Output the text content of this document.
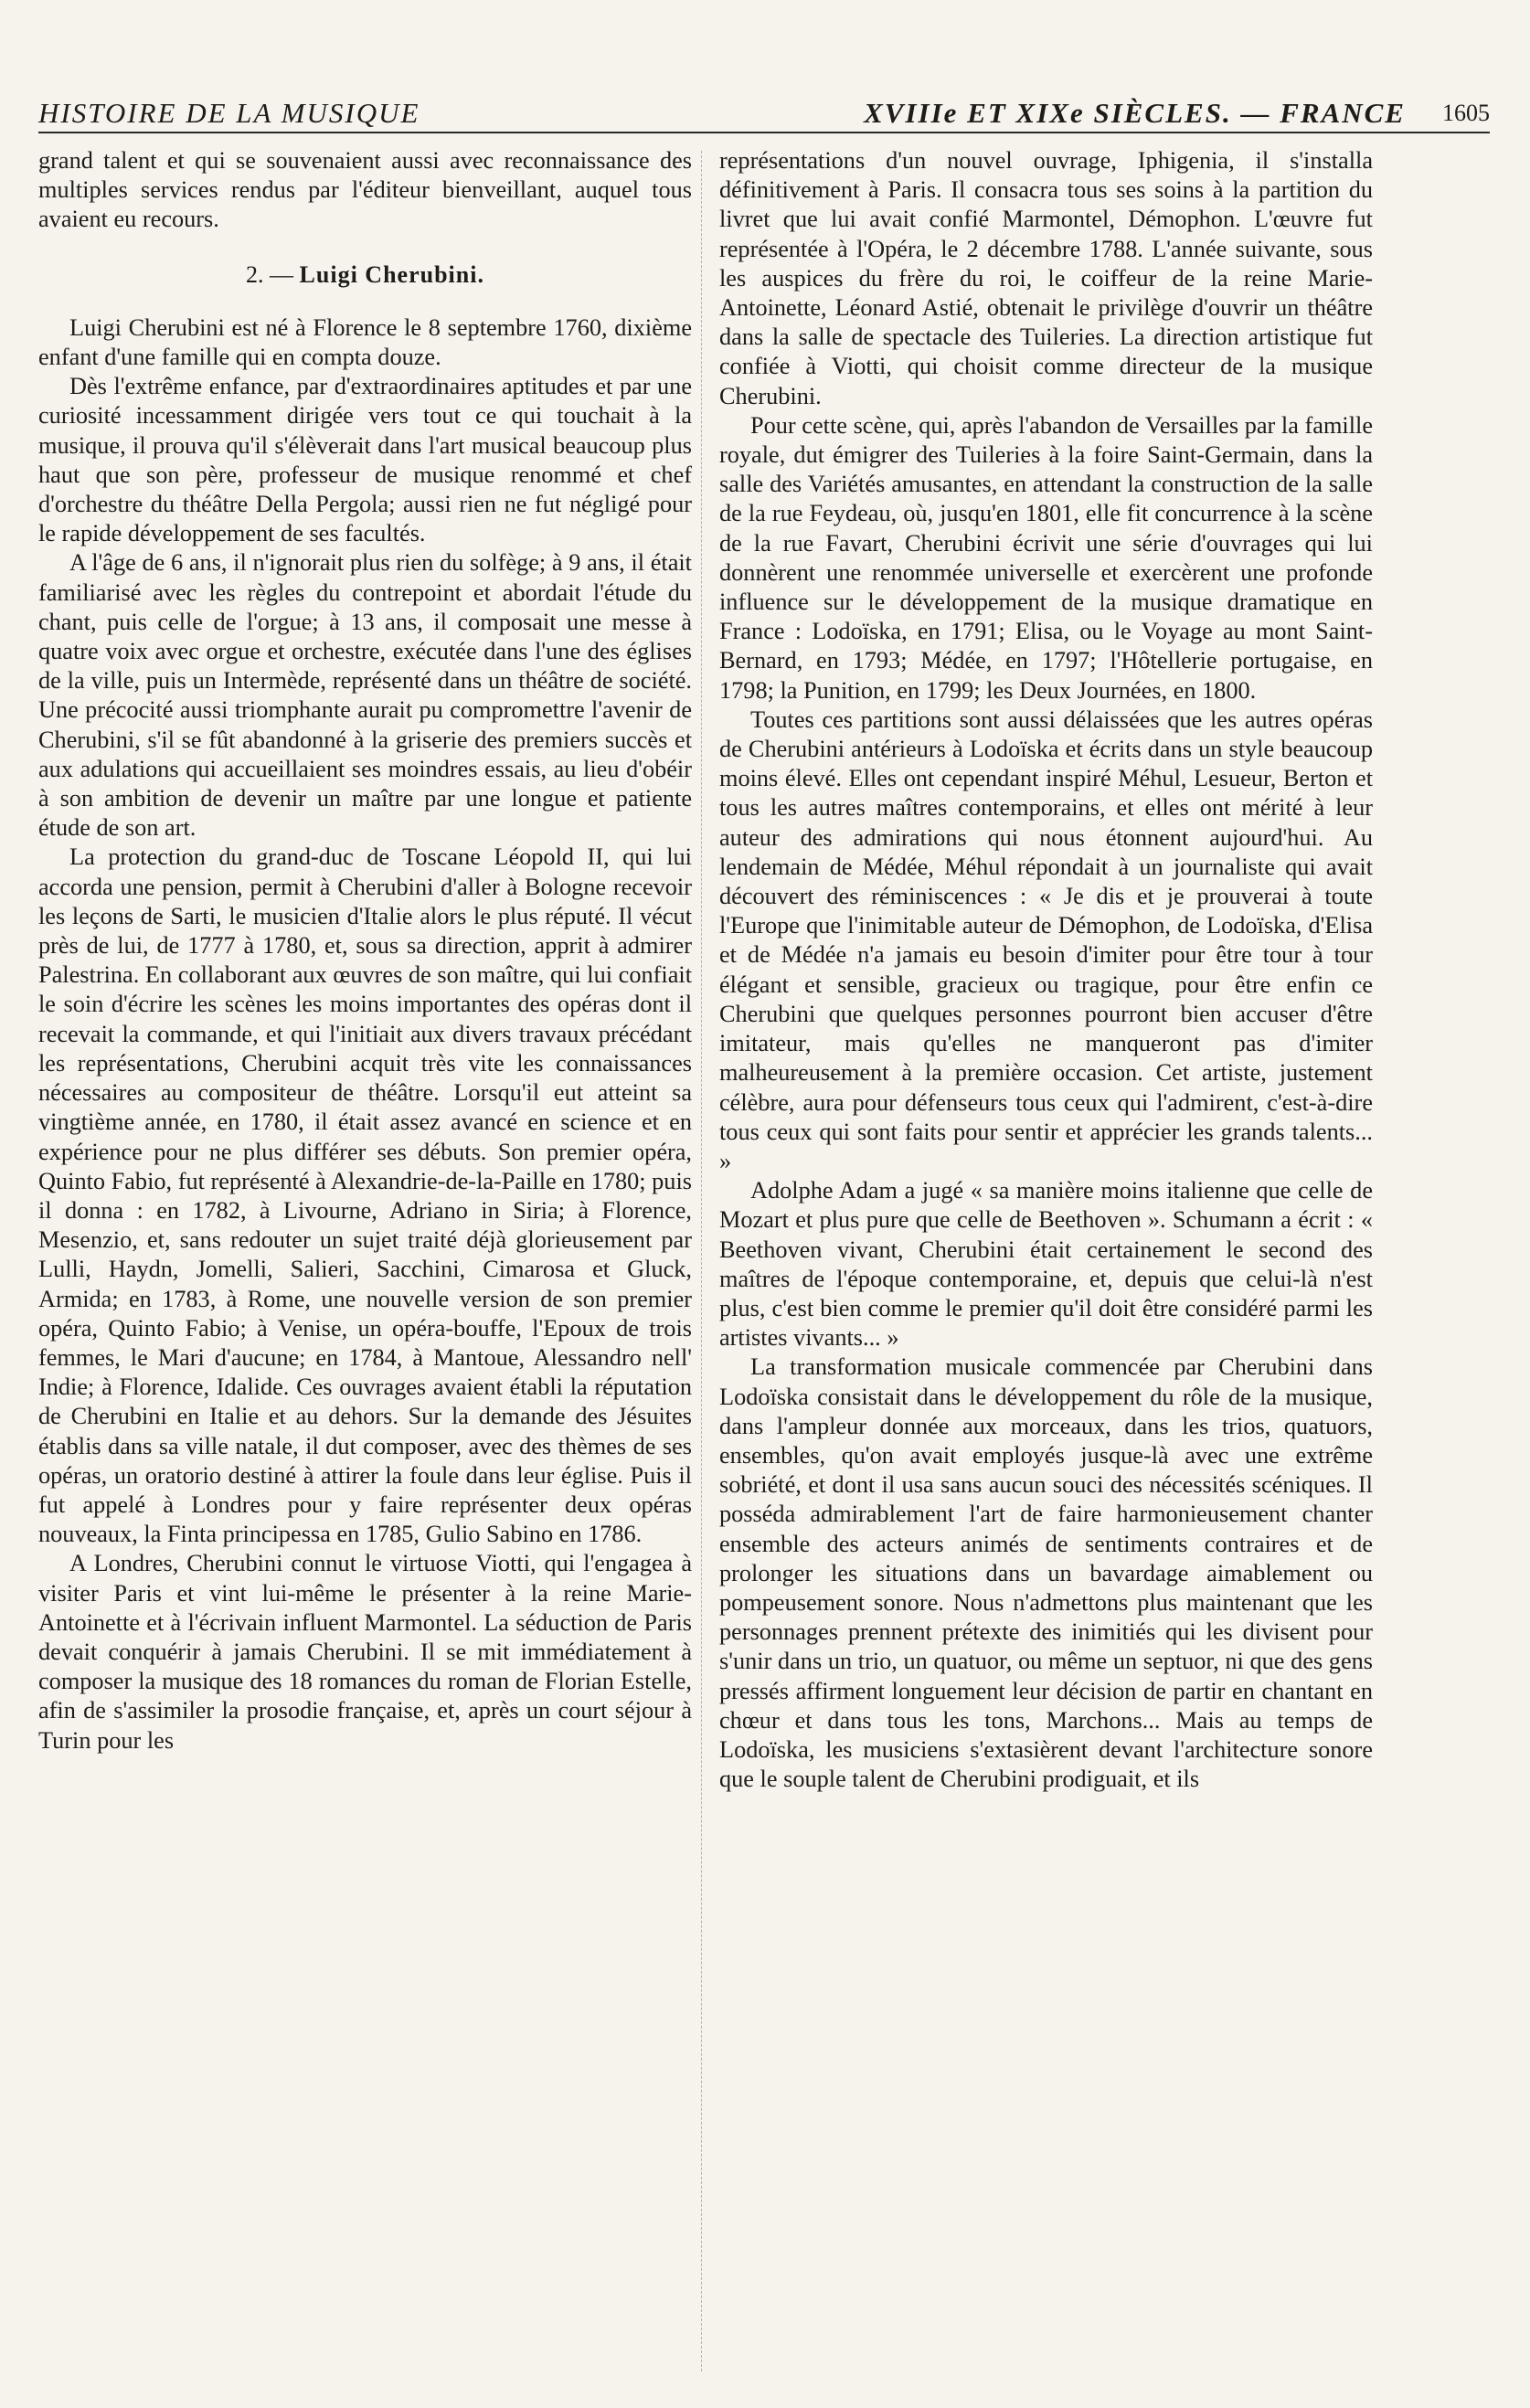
HISTOIRE DE LA MUSIQUE	XVIIIe ET XIXe SIÈCLES. — FRANCE	1605

grand talent et qui se souvenaient aussi avec reconnaissance des multiples services rendus par l'éditeur bienveillant, auquel tous avaient eu recours.

2. — Luigi Cherubini.

Luigi Cherubini est né à Florence le 8 septembre 1760, dixième enfant d'une famille qui en compta douze.

Dès l'extrême enfance, par d'extraordinaires aptitudes et par une curiosité incessamment dirigée vers tout ce qui touchait à la musique, il prouva qu'il s'élèverait dans l'art musical beaucoup plus haut que son père, professeur de musique renommé et chef d'orchestre du théâtre Della Pergola; aussi rien ne fut négligé pour le rapide développement de ses facultés.

A l'âge de 6 ans, il n'ignorait plus rien du solfège; à 9 ans, il était familiarisé avec les règles du contrepoint et abordait l'étude du chant, puis celle de l'orgue; à 13 ans, il composait une messe à quatre voix avec orgue et orchestre, exécutée dans l'une des églises de la ville, puis un Intermède, représenté dans un théâtre de société. Une précocité aussi triomphante aurait pu compromettre l'avenir de Cherubini, s'il se fût abandonné à la griserie des premiers succès et aux adulations qui accueillaient ses moindres essais, au lieu d'obéir à son ambition de devenir un maître par une longue et patiente étude de son art.

La protection du grand-duc de Toscane Léopold II, qui lui accorda une pension, permit à Cherubini d'aller à Bologne recevoir les leçons de Sarti, le musicien d'Italie alors le plus réputé. Il vécut près de lui, de 1777 à 1780, et, sous sa direction, apprit à admirer Palestrina. En collaborant aux œuvres de son maître, qui lui confiait le soin d'écrire les scènes les moins importantes des opéras dont il recevait la commande, et qui l'initiait aux divers travaux précédant les représentations, Cherubini acquit très vite les connaissances nécessaires au compositeur de théâtre. Lorsqu'il eut atteint sa vingtième année, en 1780, il était assez avancé en science et en expérience pour ne plus différer ses débuts. Son premier opéra, Quinto Fabio, fut représenté à Alexandrie-de-la-Paille en 1780; puis il donna : en 1782, à Livourne, Adriano in Siria; à Florence, Mesenzio, et, sans redouter un sujet traité déjà glorieusement par Lulli, Haydn, Jomelli, Salieri, Sacchini, Cimarosa et Gluck, Armida; en 1783, à Rome, une nouvelle version de son premier opéra, Quinto Fabio; à Venise, un opéra-bouffe, l'Epoux de trois femmes, le Mari d'aucune; en 1784, à Mantoue, Alessandro nell' Indie; à Florence, Idalide. Ces ouvrages avaient établi la réputation de Cherubini en Italie et au dehors. Sur la demande des Jésuites établis dans sa ville natale, il dut composer, avec des thèmes de ses opéras, un oratorio destiné à attirer la foule dans leur église. Puis il fut appelé à Londres pour y faire représenter deux opéras nouveaux, la Finta principessa en 1785, Gulio Sabino en 1786.

A Londres, Cherubini connut le virtuose Viotti, qui l'engagea à visiter Paris et vint lui-même le présenter à la reine Marie-Antoinette et à l'écrivain influent Marmontel. La séduction de Paris devait conquérir à jamais Cherubini. Il se mit immédiatement à composer la musique des 18 romances du roman de Florian Estelle, afin de s'assimiler la prosodie française, et, après un court séjour à Turin pour les

représentations d'un nouvel ouvrage, Iphigenia, il s'installa définitivement à Paris. Il consacra tous ses soins à la partition du livret que lui avait confié Marmontel, Démophon. L'œuvre fut représentée à l'Opéra, le 2 décembre 1788. L'année suivante, sous les auspices du frère du roi, le coiffeur de la reine Marie-Antoinette, Léonard Astié, obtenait le privilège d'ouvrir un théâtre dans la salle de spectacle des Tuileries. La direction artistique fut confiée à Viotti, qui choisit comme directeur de la musique Cherubini.

Pour cette scène, qui, après l'abandon de Versailles par la famille royale, dut émigrer des Tuileries à la foire Saint-Germain, dans la salle des Variétés amusantes, en attendant la construction de la salle de la rue Feydeau, où, jusqu'en 1801, elle fit concurrence à la scène de la rue Favart, Cherubini écrivit une série d'ouvrages qui lui donnèrent une renommée universelle et exercèrent une profonde influence sur le développement de la musique dramatique en France : Lodoïska, en 1791; Elisa, ou le Voyage au mont Saint-Bernard, en 1793; Médée, en 1797; l'Hôtellerie portugaise, en 1798; la Punition, en 1799; les Deux Journées, en 1800.

Toutes ces partitions sont aussi délaissées que les autres opéras de Cherubini antérieurs à Lodoïska et écrits dans un style beaucoup moins élevé. Elles ont cependant inspiré Méhul, Lesueur, Berton et tous les autres maîtres contemporains, et elles ont mérité à leur auteur des admirations qui nous étonnent aujourd'hui. Au lendemain de Médée, Méhul répondait à un journaliste qui avait découvert des réminiscences : « Je dis et je prouverai à toute l'Europe que l'inimitable auteur de Démophon, de Lodoïska, d'Elisa et de Médée n'a jamais eu besoin d'imiter pour être tour à tour élégant et sensible, gracieux ou tragique, pour être enfin ce Cherubini que quelques personnes pourront bien accuser d'être imitateur, mais qu'elles ne manqueront pas d'imiter malheureusement à la première occasion. Cet artiste, justement célèbre, aura pour défenseurs tous ceux qui l'admirent, c'est-à-dire tous ceux qui sont faits pour sentir et apprécier les grands talents... »

Adolphe Adam a jugé « sa manière moins italienne que celle de Mozart et plus pure que celle de Beethoven ». Schumann a écrit : « Beethoven vivant, Cherubini était certainement le second des maîtres de l'époque contemporaine, et, depuis que celui-là n'est plus, c'est bien comme le premier qu'il doit être considéré parmi les artistes vivants... »

La transformation musicale commencée par Cherubini dans Lodoïska consistait dans le développement du rôle de la musique, dans l'ampleur donnée aux morceaux, dans les trios, quatuors, ensembles, qu'on avait employés jusque-là avec une extrême sobriété, et dont il usa sans aucun souci des nécessités scéniques. Il posséda admirablement l'art de faire harmonieusement chanter ensemble des acteurs animés de sentiments contraires et de prolonger les situations dans un bavardage aimablement ou pompeusement sonore. Nous n'admettons plus maintenant que les personnages prennent prétexte des inimitiés qui les divisent pour s'unir dans un trio, un quatuor, ou même un septuor, ni que des gens pressés affirment longuement leur décision de partir en chantant en chœur et dans tous les tons, Marchons... Mais au temps de Lodoïska, les musiciens s'extasièrent devant l'architecture sonore que le souple talent de Cherubini prodiguait, et ils
